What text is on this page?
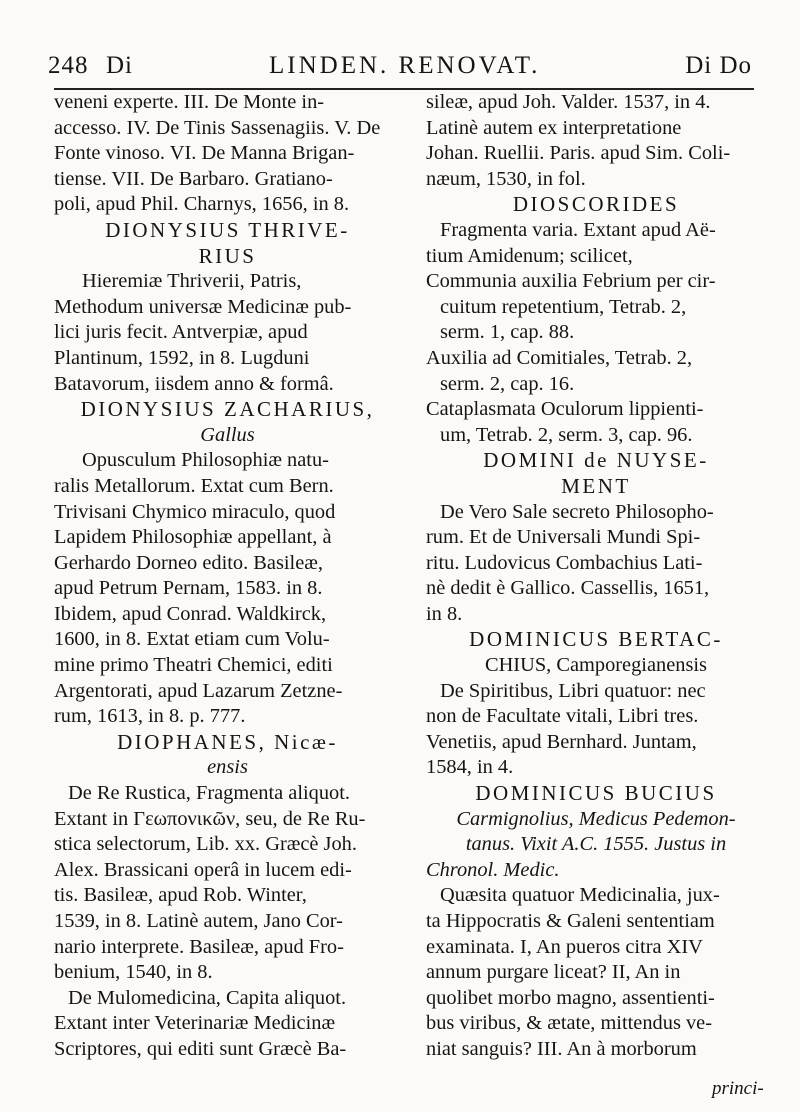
248 Di	LINDEN. RENOVAT.	Di Do
veneni experte. III. De Monte in-
accesso. IV. De Tinis Sassenagiis. V. De
Fonte vinoso. VI. De Manna Brigan-
tiense. VII. De Barbaro. Gratiano-
poli, apud Phil. Charnys, 1656, in 8.
DIONYSIUS THRIVE-
RIUS
Hieremiæ Thriverii, Patris,
Methodum universæ Medicinæ pub-
lici juris fecit. Antverpiæ, apud
Plantinum, 1592, in 8. Lugduni
Batavorum, iisdem anno & formâ.
DIONYSIUS ZACHARIUS,
Gallus
Opusculum Philosophiæ natu-
ralis Metallorum. Extat cum Bern.
Trivisani Chymico miraculo, quod
Lapidem Philosophiæ appellant, à
Gerhardo Dorneo edito. Basileæ,
apud Petrum Pernam, 1583. in 8.
Ibidem, apud Conrad. Waldkirck,
1600, in 8. Extat etiam cum Volu-
mine primo Theatri Chemici, editi
Argentorati, apud Lazarum Zetzne-
rum, 1613, in 8. p. 777.
DIOPHANES, Nicæ-
ensis
De Re Rustica, Fragmenta aliquot.
Extant in Γεωπονικῶν, seu, de Re Ru-
stica selectorum, Lib. xx. Græcè Joh.
Alex. Brassicani operâ in lucem edi-
tis. Basileæ, apud Rob. Winter,
1539, in 8. Latinè autem, Jano Cor-
nario interprete. Basileæ, apud Fro-
benium, 1540, in 8.
De Mulomedicina, Capita aliquot.
Extant inter Veterinariæ Medicinæ
Scriptores, qui editi sunt Græcè Ba-
sileæ, apud Joh. Valder. 1537, in 4.
Latinè autem ex interpretatione
Johan. Ruellii. Paris. apud Sim. Coli-
næum, 1530, in fol.
DIOSCORIDES
Fragmenta varia. Extant apud Aë-
tium Amidenum; scilicet,
Communia auxilia Febrium per cir-
cuitum repetentium, Tetrab. 2,
serm. 1, cap. 88.
Auxilia ad Comitiales, Tetrab. 2,
serm. 2, cap. 16.
Cataplasmata Oculorum lippienti-
um, Tetrab. 2, serm. 3, cap. 96.
DOMINI de NUYSE-
MENT
De Vero Sale secreto Philosopho-
rum. Et de Universali Mundi Spi-
ritu. Ludovicus Combachius Lati-
nè dedit è Gallico. Cassellis, 1651,
in 8.
DOMINICUS BERTAC-
CHIUS, Camporegianensis
De Spiritibus, Libri quatuor: nec
non de Facultate vitali, Libri tres.
Venetiis, apud Bernhard. Juntam,
1584, in 4.
DOMINICUS BUCIUS
Carmignolius, Medicus Pedemon-
tanus. Vixit A.C. 1555. Justus in
Chronol. Medic.
Quæsita quatuor Medicinalia, jux-
ta Hippocratis & Galeni sententiam
examinata. I, An pueros citra XIV
annum purgare liceat? II, An in
quolibet morbo magno, assentienti-
bus viribus, & ætate, mittendus ve-
niat sanguis? III. An à morborum
princi-
